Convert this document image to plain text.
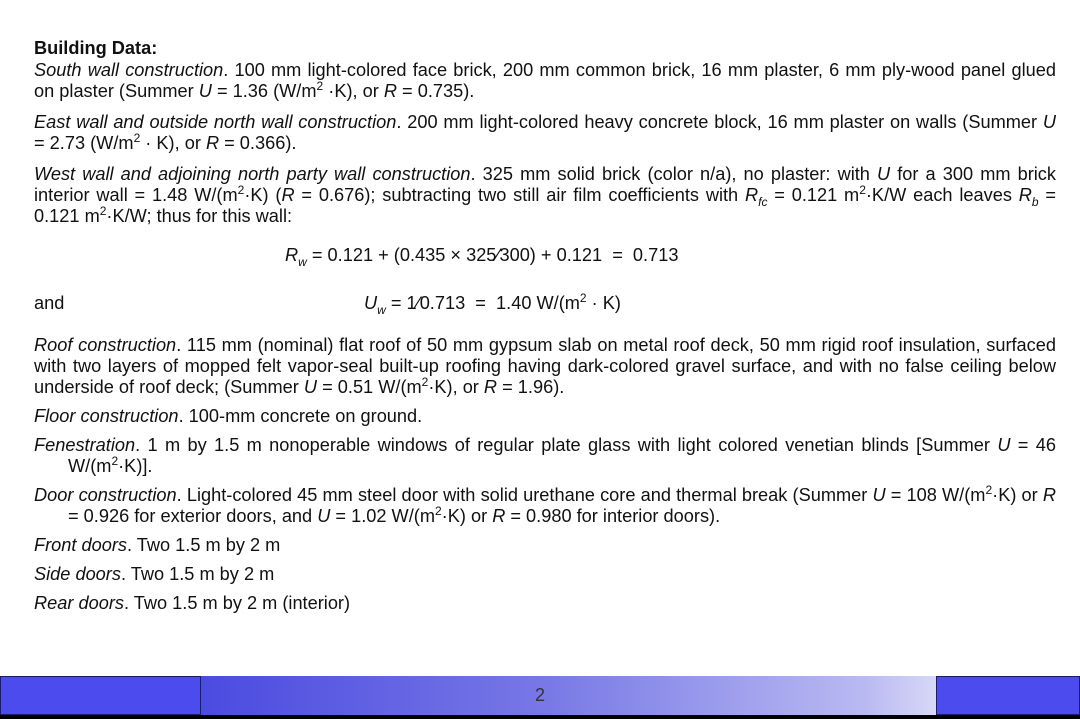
Building Data:

South wall construction. 100 mm light-colored face brick, 200 mm common brick, 16 mm plaster, 6 mm ply-wood panel glued on plaster (Summer U = 1.36 $(W/m^2 \cdot K)$, or R = 0.735).

East wall and outside north wall construction. 200 mm light-colored heavy concrete block, 16 mm plaster on walls (Summer U = 2.73 $(W/m^2 \cdot K)$, or R = 0.366).

West wall and adjoining north party wall construction. 325 mm solid brick (color n/a), no plaster: with U for a 300 mm brick interior wall = 1.48 $W/(m^2\cdot K) (R = 0.676)$; subtracting two still air film coefficients with $R_{fc} = 0.121$ $m^2\cdot K/W$ each leaves $R_b = 0.121$ $m^2\cdot K/W$; thus for this wall:

$R_w = 0.121 + (0.435$ × 325∕300) + 0.121  =  0.713
and	$U_w$ = 1∕0.713  =  1.40 $W/(m^2 \cdot K)$

Roof construction. 115 mm (nominal) flat roof of 50 mm gypsum slab on metal roof deck, 50 mm rigid roof insulation, surfaced with two layers of mopped felt vapor-seal built-up roofing having dark-colored gravel surface, and with no false ceiling below underside of roof deck; (Summer U = 0.51 $W/(m^2\cdot K)$, or R = 1.96).

Floor construction. 100-mm concrete on ground.

Fenestration. 1 m by 1.5 m nonoperable windows of regular plate glass with light colored venetian blinds [Summer U = 46 $W/(m^2\cdot K)$].

Door construction. Light-colored 45 mm steel door with solid urethane core and thermal break (Summer U = 108 $W/(m^2\cdot K)$ or R = 0.926 for exterior doors, and U = 1.02 $W/(m^2\cdot K)$ or R = 0.980 for interior doors).

Front doors. Two 1.5 m by 2 m

Side doors. Two 1.5 m by 2 m

Rear doors. Two 1.5 m by 2 m (interior)

2
